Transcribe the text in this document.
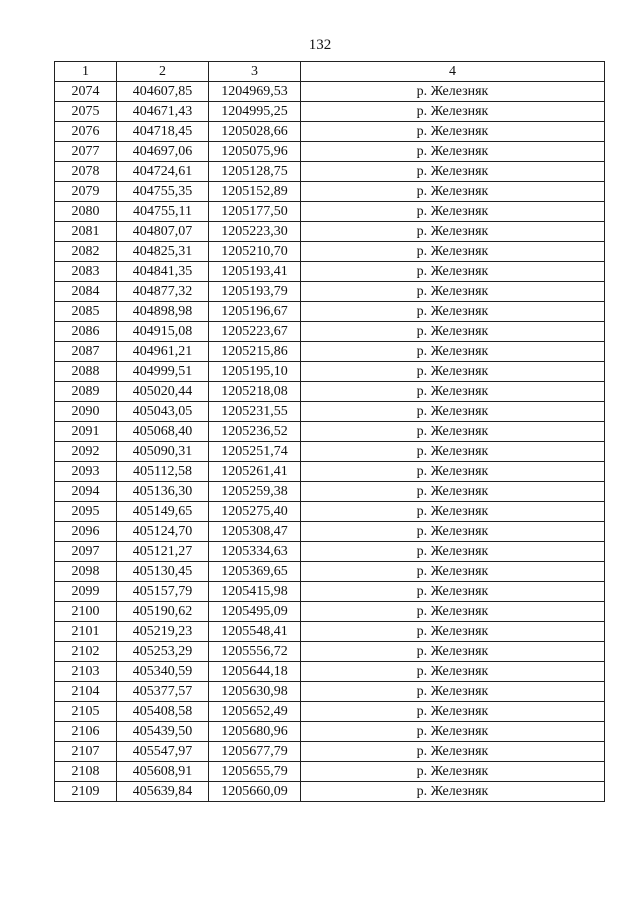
132
1	2	3	4
2074	404607,85	1204969,53	р. Железняк
2075	404671,43	1204995,25	р. Железняк
2076	404718,45	1205028,66	р. Железняк
2077	404697,06	1205075,96	р. Железняк
2078	404724,61	1205128,75	р. Железняк
2079	404755,35	1205152,89	р. Железняк
2080	404755,11	1205177,50	р. Железняк
2081	404807,07	1205223,30	р. Железняк
2082	404825,31	1205210,70	р. Железняк
2083	404841,35	1205193,41	р. Железняк
2084	404877,32	1205193,79	р. Железняк
2085	404898,98	1205196,67	р. Железняк
2086	404915,08	1205223,67	р. Железняк
2087	404961,21	1205215,86	р. Железняк
2088	404999,51	1205195,10	р. Железняк
2089	405020,44	1205218,08	р. Железняк
2090	405043,05	1205231,55	р. Железняк
2091	405068,40	1205236,52	р. Железняк
2092	405090,31	1205251,74	р. Железняк
2093	405112,58	1205261,41	р. Железняк
2094	405136,30	1205259,38	р. Железняк
2095	405149,65	1205275,40	р. Железняк
2096	405124,70	1205308,47	р. Железняк
2097	405121,27	1205334,63	р. Железняк
2098	405130,45	1205369,65	р. Железняк
2099	405157,79	1205415,98	р. Железняк
2100	405190,62	1205495,09	р. Железняк
2101	405219,23	1205548,41	р. Железняк
2102	405253,29	1205556,72	р. Железняк
2103	405340,59	1205644,18	р. Железняк
2104	405377,57	1205630,98	р. Железняк
2105	405408,58	1205652,49	р. Железняк
2106	405439,50	1205680,96	р. Железняк
2107	405547,97	1205677,79	р. Железняк
2108	405608,91	1205655,79	р. Железняк
2109	405639,84	1205660,09	р. Железняк
